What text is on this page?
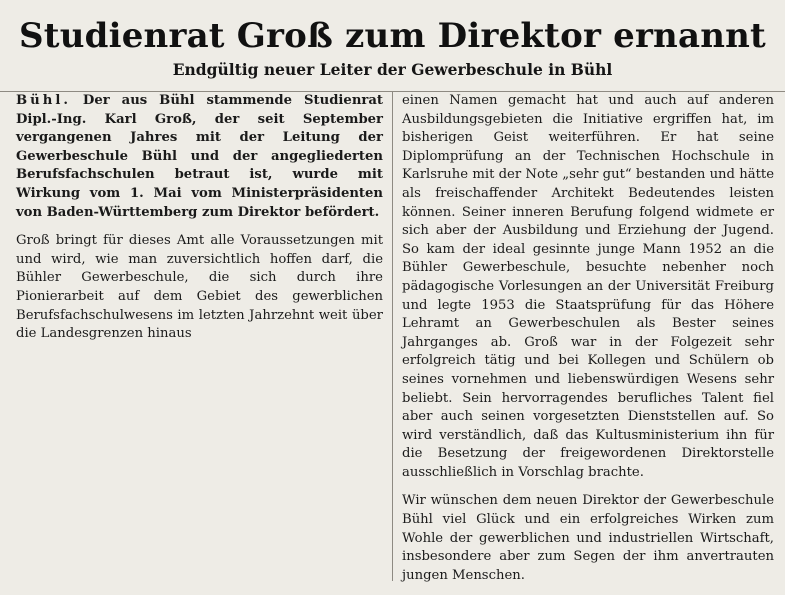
Studienrat Groß zum Direktor ernannt
Endgültig neuer Leiter der Gewerbeschule in Bühl

Bühl. Der aus Bühl stammende Studienrat Dipl.-Ing. Karl Groß, der seit September vergangenen Jahres mit der Leitung der Gewerbeschule Bühl und der angegliederten Berufsfachschulen betraut ist, wurde mit Wirkung vom 1. Mai vom Ministerpräsidenten von Baden-Württemberg zum Direktor befördert.

Groß bringt für dieses Amt alle Voraussetzungen mit und wird, wie man zuversichtlich hoffen darf, die Bühler Gewerbeschule, die sich durch ihre Pionierarbeit auf dem Gebiet des gewerblichen Berufsfachschulwesens im letzten Jahrzehnt weit über die Landesgrenzen hinaus

einen Namen gemacht hat und auch auf anderen Ausbildungsgebieten die Initiative ergriffen hat, im bisherigen Geist weiterführen. Er hat seine Diplomprüfung an der Technischen Hochschule in Karlsruhe mit der Note „sehr gut“ bestanden und hätte als freischaffender Architekt Bedeutendes leisten können. Seiner inneren Berufung folgend widmete er sich aber der Ausbildung und Erziehung der Jugend. So kam der ideal gesinnte junge Mann 1952 an die Bühler Gewerbeschule, besuchte nebenher noch pädagogische Vorlesungen an der Universität Freiburg und legte 1953 die Staatsprüfung für das Höhere Lehramt an Gewerbeschulen als Bester seines Jahrganges ab. Groß war in der Folgezeit sehr erfolgreich tätig und bei Kollegen und Schülern ob seines vornehmen und liebenswürdigen Wesens sehr beliebt. Sein hervorragendes berufliches Talent fiel aber auch seinen vorgesetzten Dienststellen auf. So wird verständlich, daß das Kultusministerium ihn für die Besetzung der freigewordenen Direktorstelle ausschließlich in Vorschlag brachte.

Wir wünschen dem neuen Direktor der Gewerbeschule Bühl viel Glück und ein erfolgreiches Wirken zum Wohle der gewerblichen und industriellen Wirtschaft, insbesondere aber zum Segen der ihm anvertrauten jungen Menschen.
